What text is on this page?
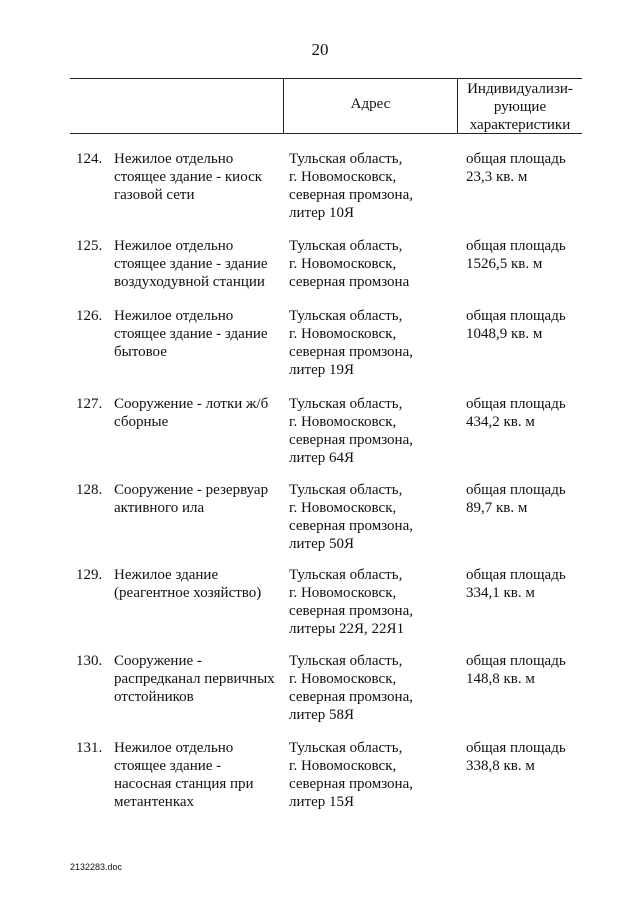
20
Адрес
Индивидуализи-
рующие
характеристики
124. Нежилое отдельно
стоящее здание - киоск
газовой сети
Тульская область,
г. Новомосковск,
северная промзона,
литер 10Я
общая площадь
23,3 кв. м
125. Нежилое отдельно
стоящее здание - здание
воздуходувной станции
Тульская область,
г. Новомосковск,
северная промзона
общая площадь
1526,5 кв. м
126. Нежилое отдельно
стоящее здание - здание
бытовое
Тульская область,
г. Новомосковск,
северная промзона,
литер 19Я
общая площадь
1048,9 кв. м
127. Сооружение - лотки ж/б
сборные
Тульская область,
г. Новомосковск,
северная промзона,
литер 64Я
общая площадь
434,2 кв. м
128. Сооружение - резервуар
активного ила
Тульская область,
г. Новомосковск,
северная промзона,
литер 50Я
общая площадь
89,7 кв. м
129. Нежилое здание
(реагентное хозяйство)
Тульская область,
г. Новомосковск,
северная промзона,
литеры 22Я, 22Я1
общая площадь
334,1 кв. м
130. Сооружение -
распредканал первичных
отстойников
Тульская область,
г. Новомосковск,
северная промзона,
литер 58Я
общая площадь
148,8 кв. м
131. Нежилое отдельно
стоящее здание -
насосная станция при
метантенках
Тульская область,
г. Новомосковск,
северная промзона,
литер 15Я
общая площадь
338,8 кв. м
2132283.doc
